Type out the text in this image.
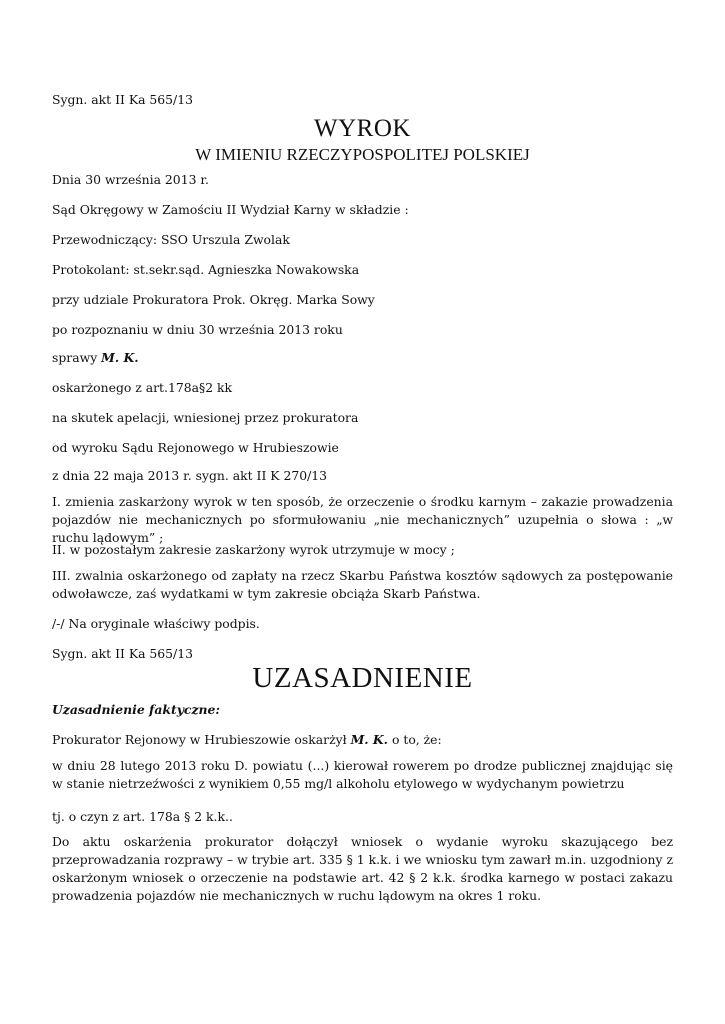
Sygn. akt II Ka 565/13

WYROK
W IMIENIU RZECZYPOSPOLITEJ POLSKIEJ

Dnia 30 września 2013 r.

Sąd Okręgowy w Zamościu II Wydział Karny w składzie :

Przewodniczący: SSO Urszula Zwolak

Protokolant: st.sekr.sąd. Agnieszka Nowakowska

przy udziale Prokuratora Prok. Okręg. Marka Sowy

po rozpoznaniu w dniu 30 września 2013 roku

sprawy M. K.

oskarżonego z art.178a§2 kk

na skutek apelacji, wniesionej przez prokuratora

od wyroku Sądu Rejonowego w Hrubieszowie

z dnia 22 maja 2013 r. sygn. akt II K 270/13

I. zmienia zaskarżony wyrok w ten sposób, że orzeczenie o środku karnym – zakazie prowadzenia pojazdów nie mechanicznych po sformułowaniu „nie mechanicznych” uzupełnia o słowa : „w ruchu lądowym” ;

II. w pozostałym zakresie zaskarżony wyrok utrzymuje w mocy ;

III. zwalnia oskarżonego od zapłaty na rzecz Skarbu Państwa kosztów sądowych za postępowanie odwoławcze, zaś wydatkami w tym zakresie obciąża Skarb Państwa.

/-/ Na oryginale właściwy podpis.

Sygn. akt II Ka 565/13

UZASADNIENIE

Uzasadnienie faktyczne:

Prokurator Rejonowy w Hrubieszowie oskarżył M. K. o to, że:

w dniu 28 lutego 2013 roku D. powiatu (...) kierował rowerem po drodze publicznej znajdując się w stanie nietrzeźwości z wynikiem 0,55 mg/l alkoholu etylowego w wydychanym powietrzu

tj. o czyn z art. 178a § 2 k.k..

Do aktu oskarżenia prokurator dołączył wniosek o wydanie wyroku skazującego bez przeprowadzania rozprawy – w trybie art. 335 § 1 k.k. i we wniosku tym zawarł m.in. uzgodniony z oskarżonym wniosek o orzeczenie na podstawie art. 42 § 2 k.k. środka karnego w postaci zakazu prowadzenia pojazdów nie mechanicznych w ruchu lądowym na okres 1 roku.
